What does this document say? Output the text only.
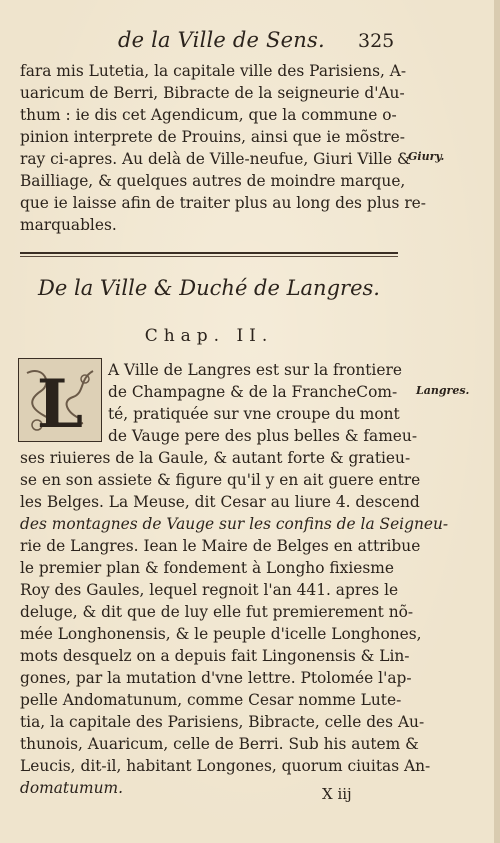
de la Ville de Sens. 325
fara mis Lutetia, la capitale ville des Parisiens, A-
uaricum de Berri, Bibracte de la seigneurie d'Au-
thum : ie dis cet Agendicum, que la commune o-
pinion interprete de Prouins, ainsi que ie mõstre-
ray ci-apres. Au delà de Ville-neufue, Giuri Ville &
Bailliage, & quelques autres de moindre marque,
que ie laisse afin de traiter plus au long des plus re-
marquables.
Giury.
De la Ville & Duché de Langres.
Chap. II.
L	A Ville de Langres est sur la frontiere
de Champagne & de la FrancheCom-
té, pratiquée sur vne croupe du mont
de Vauge pere des plus belles & fameu-
ses riuieres de la Gaule, & autant forte & gratieu-
se en son assiete & figure qu'il y en ait guere entre
les Belges. La Meuse, dit Cesar au liure 4. descend
des montagnes de Vauge sur les confins de la Seigneu-
rie de Langres. Iean le Maire de Belges en attribue
le premier plan & fondement à Longho fixiesme
Roy des Gaules, lequel regnoit l'an 441. apres le
deluge, & dit que de luy elle fut premierement nõ-
mée Longhonensis, & le peuple d'icelle Longhones,
mots desquelz on a depuis fait Lingonensis & Lin-
gones, par la mutation d'vne lettre. Ptolomée l'ap-
pelle Andomatunum, comme Cesar nomme Lute-
tia, la capitale des Parisiens, Bibracte, celle des Au-
thunois, Auaricum, celle de Berri. Sub his autem &
Leucis, dit-il, habitant Longones, quorum ciuitas An-
domatumum.
Langres.
X iij
